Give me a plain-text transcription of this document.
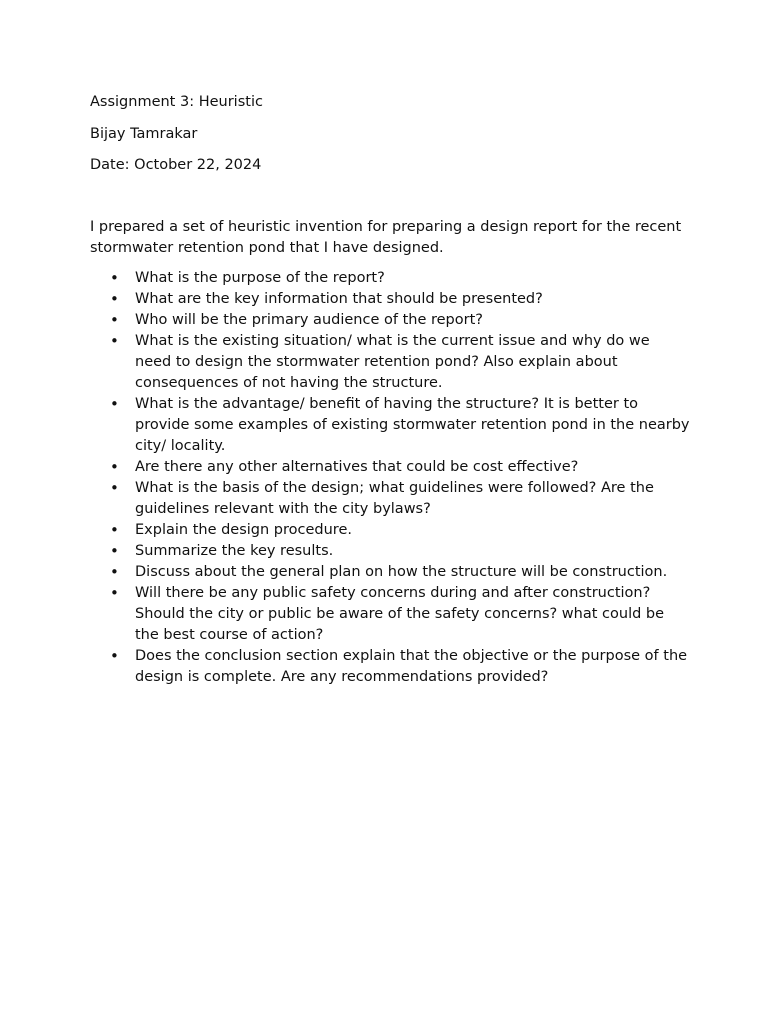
Assignment 3: Heuristic
Bijay Tamrakar
Date: October 22, 2024

I prepared a set of heuristic invention for preparing a design report for the recent stormwater retention pond that I have designed.

• What is the purpose of the report?
• What are the key information that should be presented?
• Who will be the primary audience of the report?
• What is the existing situation/ what is the current issue and why do we need to design the stormwater retention pond? Also explain about consequences of not having the structure.
• What is the advantage/ benefit of having the structure? It is better to provide some examples of existing stormwater retention pond in the nearby city/ locality.
• Are there any other alternatives that could be cost effective?
• What is the basis of the design; what guidelines were followed? Are the guidelines relevant with the city bylaws?
• Explain the design procedure.
• Summarize the key results.
• Discuss about the general plan on how the structure will be construction.
• Will there be any public safety concerns during and after construction? Should the city or public be aware of the safety concerns? what could be the best course of action?
• Does the conclusion section explain that the objective or the purpose of the design is complete. Are any recommendations provided?
